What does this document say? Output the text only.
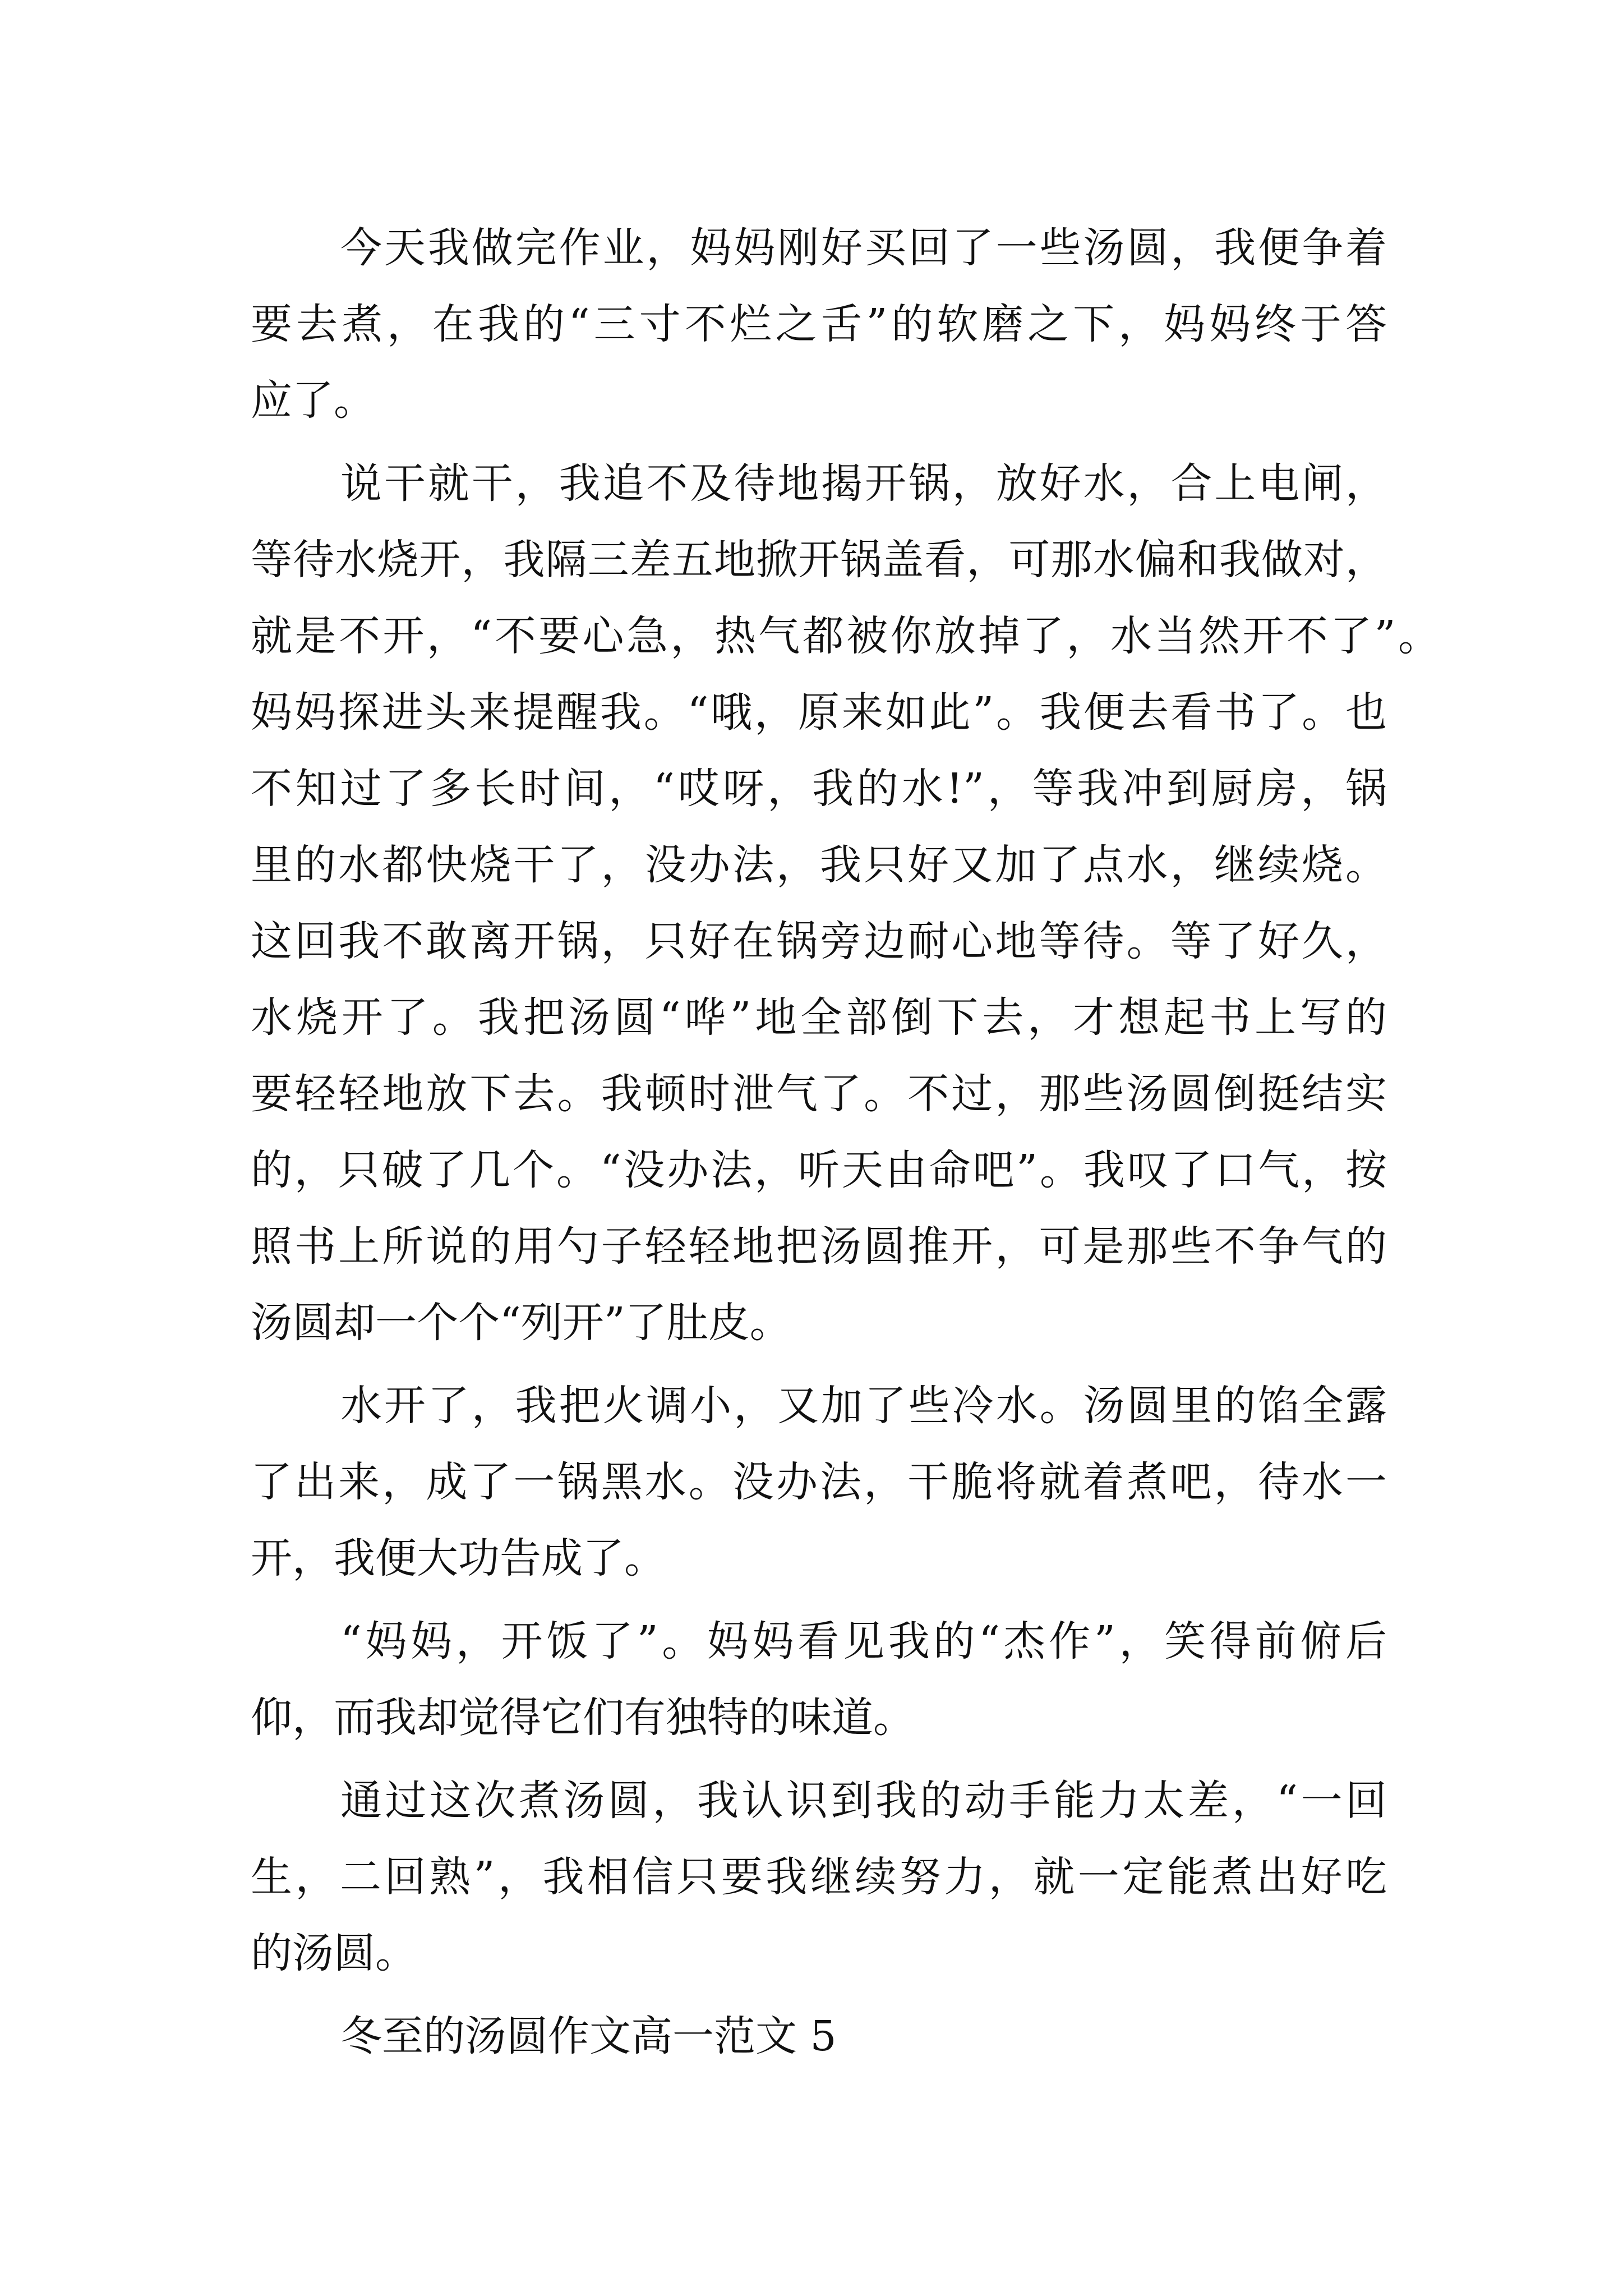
今天我做完作业，妈妈刚好买回了一些汤圆，我便争着
要去煮，在我的“三寸不烂之舌”的软磨之下，妈妈终于答
应了。
说干就干，我追不及待地揭开锅，放好水，合上电闸，
等待水烧开，我隔三差五地掀开锅盖看，可那水偏和我做对，
就是不开，“不要心急，热气都被你放掉了，水当然开不了”。
妈妈探进头来提醒我。“哦，原来如此”。我便去看书了。也
不知过了多长时间，“哎呀，我的水!”，等我冲到厨房，锅
里的水都快烧干了，没办法，我只好又加了点水，继续烧。
这回我不敢离开锅，只好在锅旁边耐心地等待。等了好久，
水烧开了。我把汤圆“哗”地全部倒下去，才想起书上写的
要轻轻地放下去。我顿时泄气了。不过，那些汤圆倒挺结实
的，只破了几个。“没办法，听天由命吧”。我叹了口气，按
照书上所说的用勺子轻轻地把汤圆推开，可是那些不争气的
汤圆却一个个“列开”了肚皮。
水开了，我把火调小，又加了些冷水。汤圆里的馅全露
了出来，成了一锅黑水。没办法，干脆将就着煮吧，待水一
开，我便大功告成了。
“妈妈，开饭了”。妈妈看见我的“杰作”，笑得前俯后
仰，而我却觉得它们有独特的味道。
通过这次煮汤圆，我认识到我的动手能力太差，“一回
生，二回熟”，我相信只要我继续努力，就一定能煮出好吃
的汤圆。
冬至的汤圆作文高一范文 5
